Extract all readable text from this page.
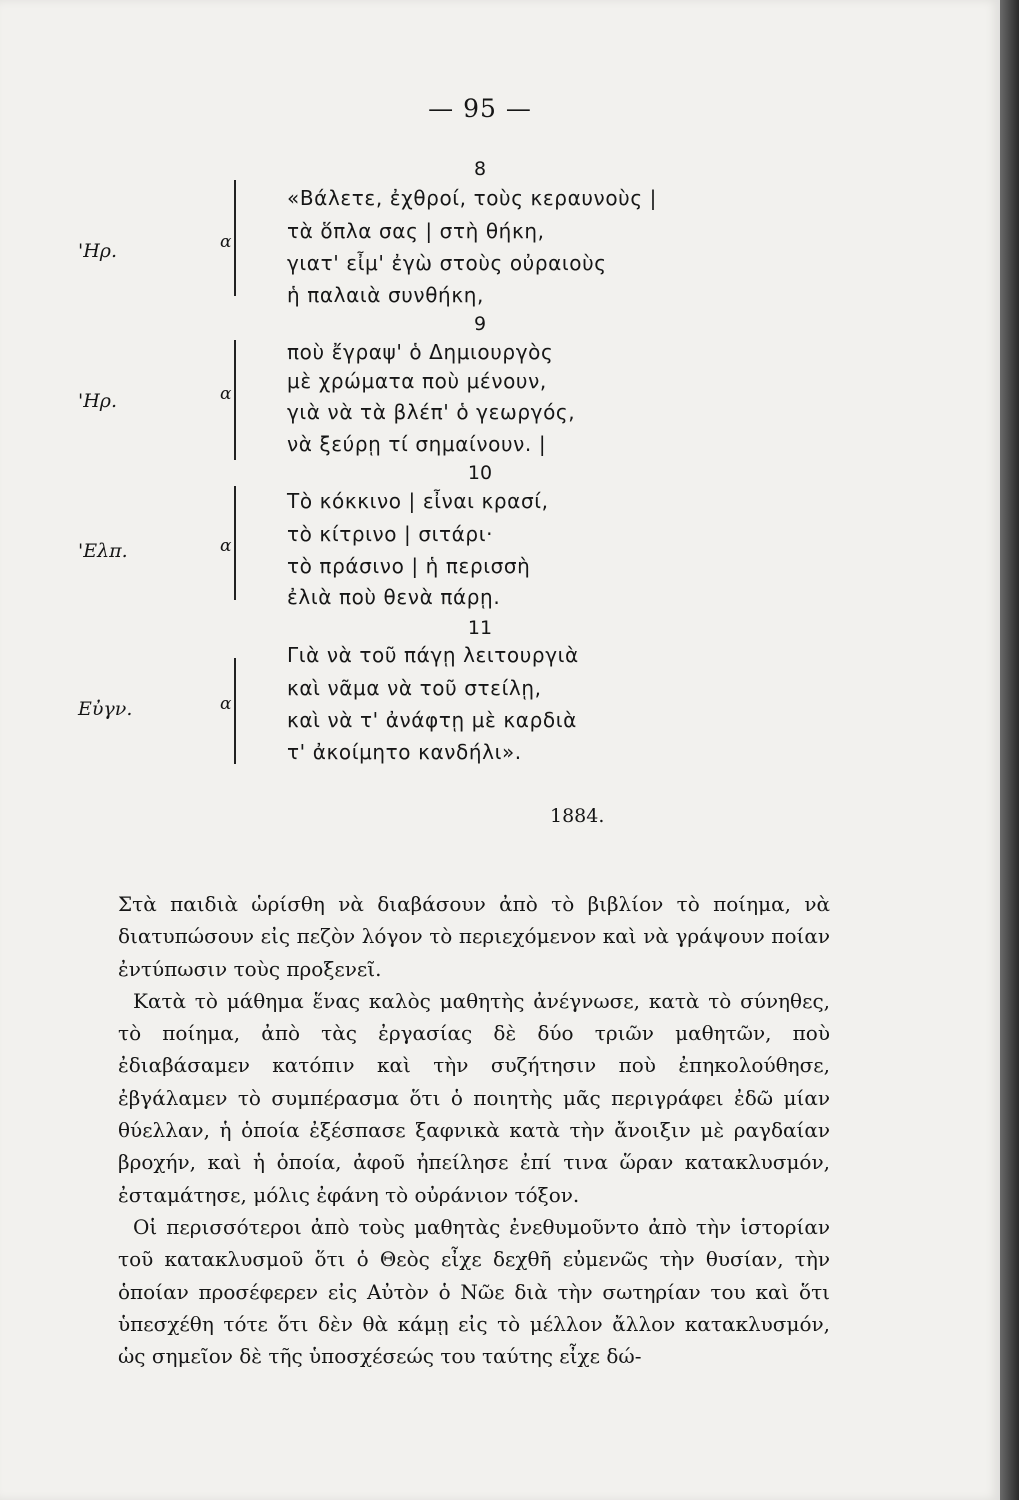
— 95 —
8
'Ηρ.	α
«Βάλετε, ἐχθροί, τοὺς κεραυνοὺς |
τὰ ὅπλα σας | στὴ θήκη,
γιατ' εἶμ' ἐγὼ στοὺς οὐραιοὺς
ἡ παλαιὰ συνθήκη,
9
'Ηρ.	α
ποὺ ἔγραψ' ὁ Δημιουργὸς
μὲ χρώματα ποὺ μένουν,
γιὰ νὰ τὰ βλέπ' ὁ γεωργός,
νὰ ξεύρῃ τί σημαίνουν. |
10
'Ελπ.	α
Τὸ κόκκινο | εἶναι κρασί,
τὸ κίτρινο | σιτάρι·
τὸ πράσινο | ἡ περισσὴ
ἐλιὰ ποὺ θενὰ πάρῃ.
11
Εὐγν.	α
Γιὰ νὰ τοῦ πάγῃ λειτουργιὰ
καὶ νᾶμα νὰ τοῦ στείλῃ,
καὶ νὰ τ' ἀνάφτῃ μὲ καρδιὰ
τ' ἀκοίμητο κανδήλι».
1884.

Στὰ παιδιὰ ὡρίσθη νὰ διαβάσουν ἀπὸ τὸ βιβλίον τὸ ποίημα, νὰ διατυπώσουν εἰς πεζὸν λόγον τὸ περιεχόμενον καὶ νὰ γράψουν ποίαν ἐντύπωσιν τοὺς προξενεῖ.

Κατὰ τὸ μάθημα ἕνας καλὸς μαθητὴς ἀνέγνωσε, κατὰ τὸ σύνηθες, τὸ ποίημα, ἀπὸ τὰς ἐργασίας δὲ δύο τριῶν μαθητῶν, ποὺ ἐδιαβάσαμεν κατόπιν καὶ τὴν συζήτησιν ποὺ ἐπηκολούθησε, ἐβγάλαμεν τὸ συμπέρασμα ὅτι ὁ ποιητὴς μᾶς περιγράφει ἐδῶ μίαν θύελλαν, ἡ ὁποία ἐξέσπασε ξαφνικὰ κατὰ τὴν ἄνοιξιν μὲ ραγδαίαν βροχήν, καὶ ἡ ὁποία, ἀφοῦ ἠπείλησε ἐπί τινα ὥραν κατακλυσμόν, ἐσταμάτησε, μόλις ἐφάνη τὸ οὐράνιον τόξον.

Οἱ περισσότεροι ἀπὸ τοὺς μαθητὰς ἐνεθυμοῦντο ἀπὸ τὴν ἱστορίαν τοῦ κατακλυσμοῦ ὅτι ὁ Θεὸς εἶχε δεχθῆ εὐμενῶς τὴν θυσίαν, τὴν ὁποίαν προσέφερεν εἰς Αὐτὸν ὁ Νῶε διὰ τὴν σωτηρίαν του καὶ ὅτι ὑπεσχέθη τότε ὅτι δὲν θὰ κάμῃ εἰς τὸ μέλλον ἄλλον κατακλυσμόν, ὡς σημεῖον δὲ τῆς ὑποσχέσεώς του ταύτης εἶχε δώ-
